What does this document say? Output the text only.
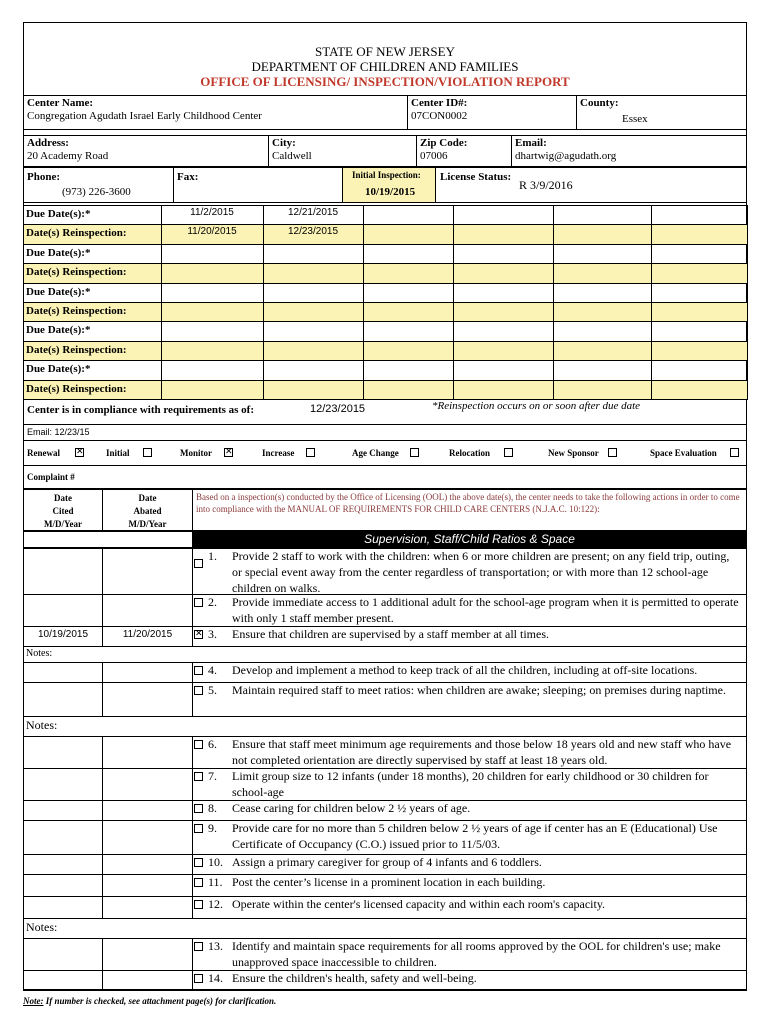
STATE OF NEW JERSEY
DEPARTMENT OF CHILDREN AND FAMILIES
OFFICE OF LICENSING/ INSPECTION/VIOLATION REPORT
Center Name:
Congregation Agudath Israel Early Childhood Center
Center ID#:
07CON0002
County:
Essex
Address:
20 Academy Road
City:
Caldwell
Zip Code:
07006
Email:
dhartwig@agudath.org
Phone:
(973) 226-3600
Fax:	Initial Inspection:
10/19/2015
License Status:
R 3/9/2016
Due Date(s):*	11/2/2015	12/21/2015
Date(s) Reinspection:	11/20/2015	12/23/2015
Due Date(s):*
Date(s) Reinspection:
Due Date(s):*
Date(s) Reinspection:
Due Date(s):*
Date(s) Reinspection:
Due Date(s):*
Date(s) Reinspection:
Center is in compliance with requirements as of:	12/23/2015	*Reinspection occurs on or soon after due date
Email: 12/23/15
Renewal ✕	Initial	Monitor ✕	Increase	Age Change	Relocation	New Sponsor	Space Evaluation
Complaint #
Date
Cited
M/D/Year
Date
Abated
M/D/Year
Based on a inspection(s) conducted by the Office of Licensing (OOL) the above date(s), the center needs to take the following actions in order to come into compliance with the MANUAL OF REQUIREMENTS FOR CHILD CARE CENTERS (N.J.A.C. 10:122):
Supervision, Staff/Child Ratios & Space
1. Provide 2 staff to work with the children: when 6 or more children are present; on any field trip, outing, or special event away from the center regardless of transportation; or with more than 12 school-age children on walks.
2. Provide immediate access to 1 additional adult for the school-age program when it is permitted to operate with only 1 staff member present.
10/19/2015	11/20/2015 ✕	3. Ensure that children are supervised by a staff member at all times.
Notes:
4. Develop and implement a method to keep track of all the children, including at off-site locations.
5. Maintain required staff to meet ratios: when children are awake; sleeping; on premises during naptime.
Notes:
6. Ensure that staff meet minimum age requirements and those below 18 years old and new staff who have not completed orientation are directly supervised by staff at least 18 years old.
7. Limit group size to 12 infants (under 18 months), 20 children for early childhood or 30 children for school-age
8. Cease caring for children below 2 ½ years of age.
9. Provide care for no more than 5 children below 2 ½ years of age if center has an E (Educational) Use Certificate of Occupancy (C.O.) issued prior to 11/5/03.
10. Assign a primary caregiver for group of 4 infants and 6 toddlers.
11. Post the center’s license in a prominent location in each building.
12. Operate within the center's licensed capacity and within each room's capacity.
Notes:
13. Identify and maintain space requirements for all rooms approved by the OOL for children's use; make unapproved space inaccessible to children.
14. Ensure the children's health, safety and well-being.
Note: If number is checked, see attachment page(s) for clarification.
